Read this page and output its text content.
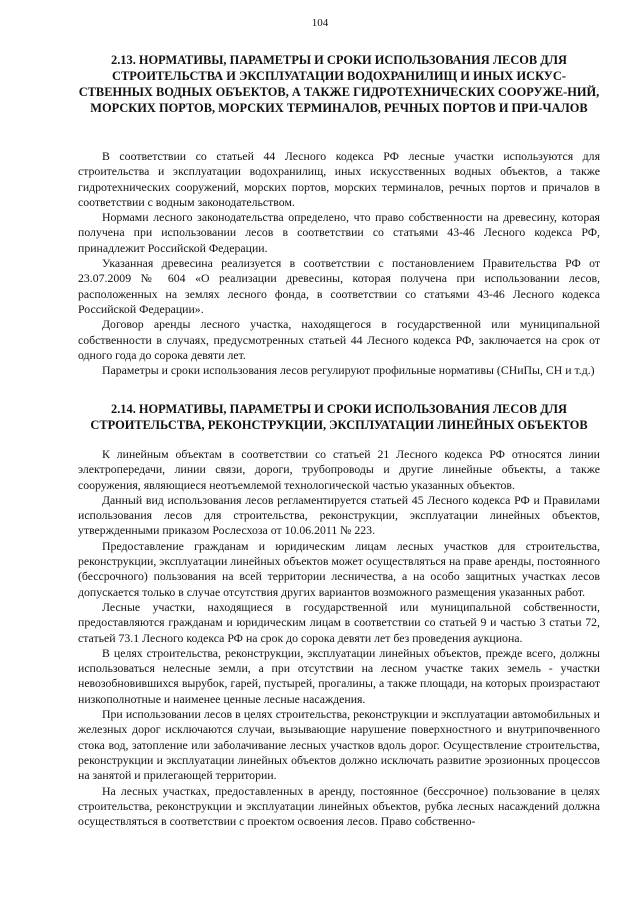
104
2.13. НОРМАТИВЫ, ПАРАМЕТРЫ И СРОКИ ИСПОЛЬЗОВАНИЯ ЛЕСОВ ДЛЯ СТРОИТЕЛЬСТВА И ЭКСПЛУАТАЦИИ ВОДОХРАНИЛИЩ И ИНЫХ ИСКУС-СТВЕННЫХ ВОДНЫХ ОБЪЕКТОВ, А ТАКЖЕ ГИДРОТЕХНИЧЕСКИХ СООРУЖЕ-НИЙ, МОРСКИХ ПОРТОВ, МОРСКИХ ТЕРМИНАЛОВ, РЕЧНЫХ ПОРТОВ И ПРИ-ЧАЛОВ

В соответствии со статьей 44 Лесного кодекса РФ лесные участки используются для строительства и эксплуатации водохранилищ, иных искусственных водных объектов, а также гидротехнических сооружений, морских портов, морских терминалов, речных портов и причалов в соответствии с водным законодательством.

Нормами лесного законодательства определено, что право собственности на древесину, которая получена при использовании лесов в соответствии со статьями 43-46 Лесного кодекса РФ, принадлежит Российской Федерации.

Указанная древесина реализуется в соответствии с постановлением Правительства РФ от 23.07.2009 № 604 «О реализации древесины, которая получена при использовании лесов, расположенных на землях лесного фонда, в соответствии со статьями 43-46 Лесного кодекса Российской Федерации».

Договор аренды лесного участка, находящегося в государственной или муниципальной собственности в случаях, предусмотренных статьей 44 Лесного кодекса РФ, заключается на срок от одного года до сорока девяти лет.

Параметры и сроки использования лесов регулируют профильные нормативы (СНиПы, СН и т.д.)

2.14. НОРМАТИВЫ, ПАРАМЕТРЫ И СРОКИ ИСПОЛЬЗОВАНИЯ ЛЕСОВ ДЛЯ СТРОИТЕЛЬСТВА, РЕКОНСТРУКЦИИ, ЭКСПЛУАТАЦИИ ЛИНЕЙНЫХ ОБЪЕКТОВ

К линейным объектам в соответствии со статьей 21 Лесного кодекса РФ относятся линии электропередачи, линии связи, дороги, трубопроводы и другие линейные объекты, а также сооружения, являющиеся неотъемлемой технологической частью указанных объектов.

Данный вид использования лесов регламентируется статьей 45 Лесного кодекса РФ и Правилами использования лесов для строительства, реконструкции, эксплуатации линейных объектов, утвержденными приказом Рослесхоза от 10.06.2011 № 223.

Предоставление гражданам и юридическим лицам лесных участков для строительства, реконструкции, эксплуатации линейных объектов может осуществляться на праве аренды, постоянного (бессрочного) пользования на всей территории лесничества, а на особо защитных участках лесов допускается только в случае отсутствия других вариантов возможного размещения указанных работ.

Лесные участки, находящиеся в государственной или муниципальной собственности, предоставляются гражданам и юридическим лицам в соответствии со статьей 9 и частью 3 статьи 72, статьей 73.1 Лесного кодекса РФ на срок до сорока девяти лет без проведения аукциона.

В целях строительства, реконструкции, эксплуатации линейных объектов, прежде всего, должны использоваться нелесные земли, а при отсутствии на лесном участке таких земель - участки невозобновившихся вырубок, гарей, пустырей, прогалины, а также площади, на которых произрастают низкополнотные и наименее ценные лесные насаждения.

При использовании лесов в целях строительства, реконструкции и эксплуатации автомобильных и железных дорог исключаются случаи, вызывающие нарушение поверхностного и внутрипочвенного стока вод, затопление или заболачивание лесных участков вдоль дорог. Осуществление строительства, реконструкции и эксплуатации линейных объектов должно исключать развитие эрозионных процессов на занятой и прилегающей территории.

На лесных участках, предоставленных в аренду, постоянное (бессрочное) пользование в целях строительства, реконструкции и эксплуатации линейных объектов, рубка лесных насаждений должна осуществляться в соответствии с проектом освоения лесов. Право собственно-
